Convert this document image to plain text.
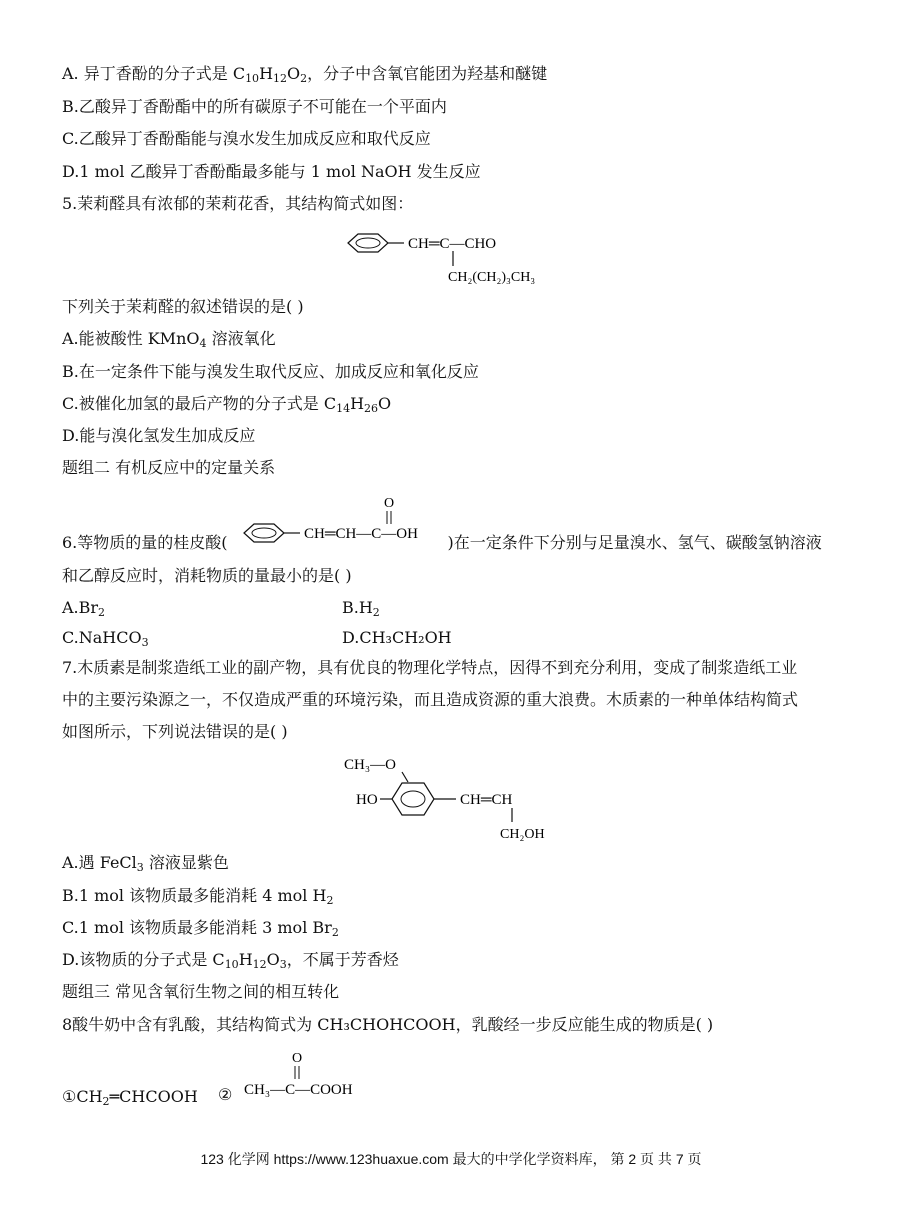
A. 异丁香酚的分子式是 $C_{10}H_{12}O_2$，分子中含氧官能团为羟基和醚键
B.乙酸异丁香酚酯中的所有碳原子不可能在一个平面内
C.乙酸异丁香酚酯能与溴水发生加成反应和取代反应
D.1 mol 乙酸异丁香酚酯最多能与 1 mol NaOH 发生反应
5.茉莉醛具有浓郁的茉莉花香，其结构简式如图：
CH═C—CHO
CH₂(CH₂)₃CH₃
下列关于茉莉醛的叙述错误的是( )
A.能被酸性 KMnO$_4$ 溶液氧化
B.在一定条件下能与溴发生取代反应、加成反应和氧化反应
C.被催化加氢的最后产物的分子式是 $C_{14}H_{26}O$
D.能与溴化氢发生加成反应
题组二 有机反应中的定量关系
6.等物质的量的桂皮酸(	)在一定条件下分别与足量溴水、氢气、碳酸氢钠溶液
CH═CH—C—OH
O
和乙醇反应时，消耗物质的量最小的是( )
$A.Br_2$	$B.H_2$
C.NaHCO$_3$	D.CH₃CH₂OH
7.木质素是制浆造纸工业的副产物，具有优良的物理化学特点，因得不到充分利用，变成了制浆造纸工业
中的主要污染源之一，不仅造成严重的环境污染，而且造成资源的重大浪费。木质素的一种单体结构简式
如图所示，下列说法错误的是( )
CH₃—O
HO	CH═CH
CH₂OH
A.遇 FeCl$_3$ 溶液显紫色
B.1 mol 该物质最多能消耗 4 mol $H_2$
C.1 mol 该物质最多能消耗 3 mol $Br_2$
D.该物质的分子式是 $C_{10}H_{12}O_3$，不属于芳香烃
题组三 常见含氧衍生物之间的相互转化
8酸牛奶中含有乳酸，其结构简式为 CH₃CHOHCOOH，乳酸经一步反应能生成的物质是( )
$①CH_2═CHCOOH$ ②
O
CH₃—C—COOH
123 化学网 https://www.123huaxue.com 最大的中学化学资料库， 第 2 页 共 7 页
